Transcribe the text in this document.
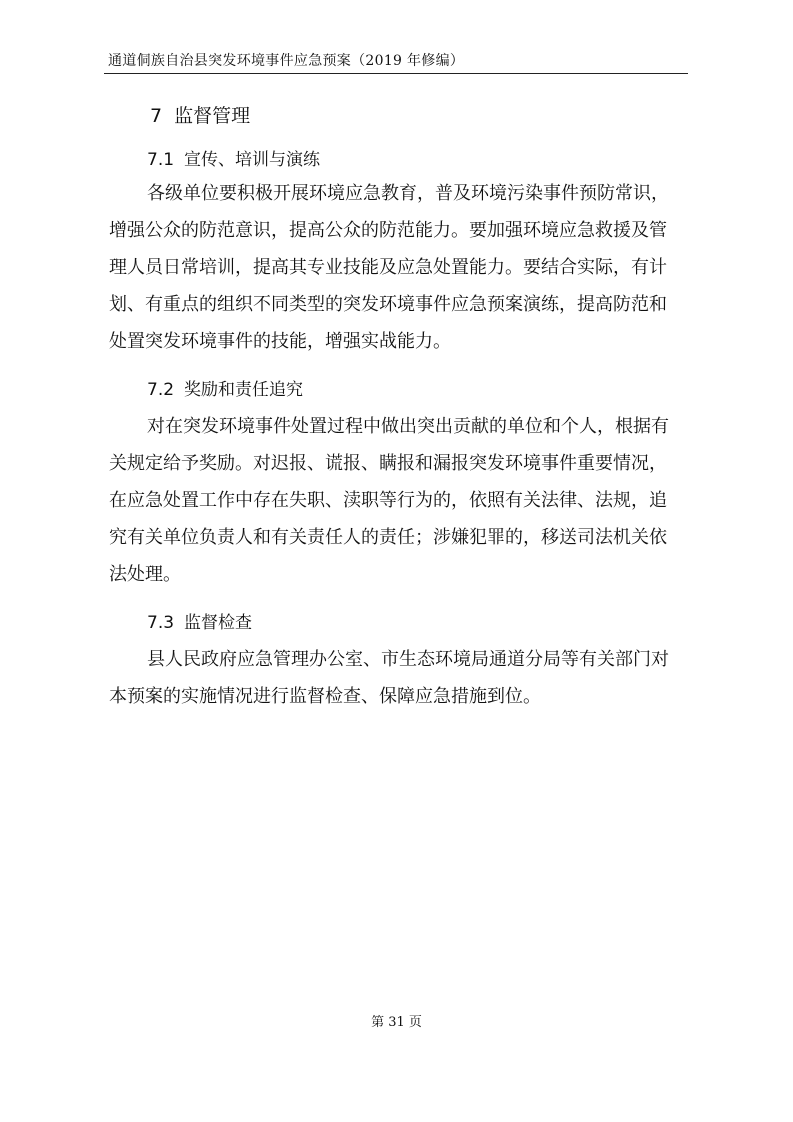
通道侗族自治县突发环境事件应急预案（2019 年修编）
7 监督管理
7.1 宣传、培训与演练
各级单位要积极开展环境应急教育，普及环境污染事件预防常识，
增强公众的防范意识，提高公众的防范能力。要加强环境应急救援及管
理人员日常培训，提高其专业技能及应急处置能力。要结合实际，有计
划、有重点的组织不同类型的突发环境事件应急预案演练，提高防范和
处置突发环境事件的技能，增强实战能力。
7.2 奖励和责任追究
对在突发环境事件处置过程中做出突出贡献的单位和个人，根据有
关规定给予奖励。对迟报、谎报、瞒报和漏报突发环境事件重要情况，
在应急处置工作中存在失职、渎职等行为的，依照有关法律、法规，追
究有关单位负责人和有关责任人的责任；涉嫌犯罪的，移送司法机关依
法处理。
7.3 监督检查
县人民政府应急管理办公室、市生态环境局通道分局等有关部门对
本预案的实施情况进行监督检查、保障应急措施到位。
第 31 页
